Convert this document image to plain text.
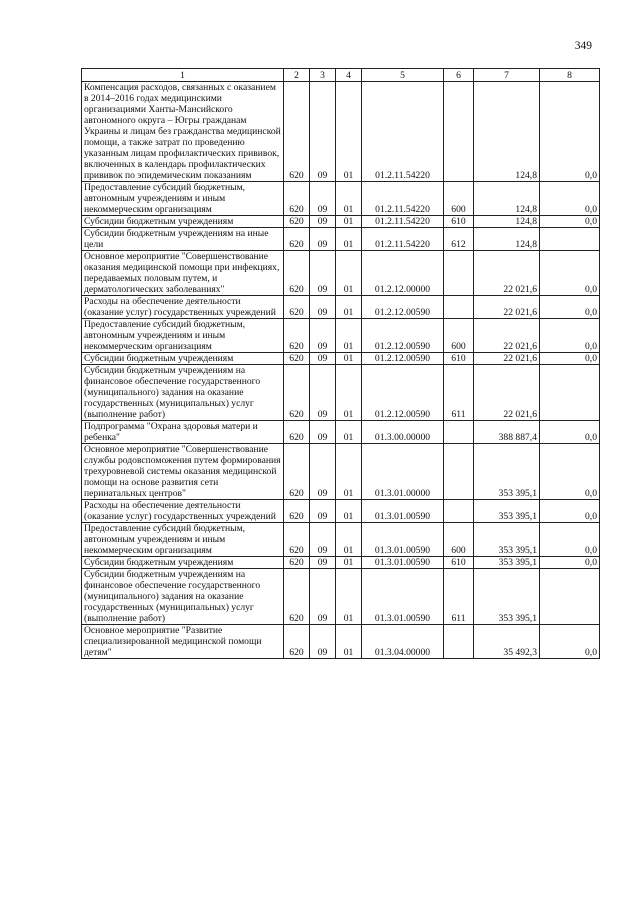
349
1	2	3	4	5	6	7	8
Компенсация расходов, связанных с оказанием в 2014–2016 годах медицинскими организациями Ханты-Мансийского автономного округа – Югры гражданам Украины и лицам без гражданства медицинской помощи, а также затрат по проведению указанным лицам профилактических прививок, включенных в календарь профилактических прививок по эпидемическим показаниям	620	09	01	01.2.11.54220		124,8	0,0
Предоставление субсидий бюджетным, автономным учреждениям и иным некоммерческим организациям	620	09	01	01.2.11.54220	600	124,8	0,0
Субсидии бюджетным учреждениям	620	09	01	01.2.11.54220	610	124,8	0,0
Субсидии бюджетным учреждениям на иные цели	620	09	01	01.2.11.54220	612	124,8	
Основное мероприятие "Совершенствование оказания медицинской помощи при инфекциях, передаваемых половым путем, и дерматологических заболеваниях"	620	09	01	01.2.12.00000		22 021,6	0,0
Расходы на обеспечение деятельности (оказание услуг) государственных учреждений	620	09	01	01.2.12.00590		22 021,6	0,0
Предоставление субсидий бюджетным, автономным учреждениям и иным некоммерческим организациям	620	09	01	01.2.12.00590	600	22 021,6	0,0
Субсидии бюджетным учреждениям	620	09	01	01.2.12.00590	610	22 021,6	0,0
Субсидии бюджетным учреждениям на финансовое обеспечение государственного (муниципального) задания на оказание государственных (муниципальных) услуг (выполнение работ)	620	09	01	01.2.12.00590	611	22 021,6	
Подпрограмма "Охрана здоровья матери и ребенка"	620	09	01	01.3.00.00000		388 887,4	0,0
Основное мероприятие "Совершенствование службы родовспоможения путем формирования трехуровневой системы оказания медицинской помощи на основе развития сети перинатальных центров"	620	09	01	01.3.01.00000		353 395,1	0,0
Расходы на обеспечение деятельности (оказание услуг) государственных учреждений	620	09	01	01.3.01.00590		353 395,1	0,0
Предоставление субсидий бюджетным, автономным учреждениям и иным некоммерческим организациям	620	09	01	01.3.01.00590	600	353 395,1	0,0
Субсидии бюджетным учреждениям	620	09	01	01.3.01.00590	610	353 395,1	0,0
Субсидии бюджетным учреждениям на финансовое обеспечение государственного (муниципального) задания на оказание государственных (муниципальных) услуг (выполнение работ)	620	09	01	01.3.01.00590	611	353 395,1	
Основное мероприятие "Развитие специализированной медицинской помощи детям"	620	09	01	01.3.04.00000		35 492,3	0,0
